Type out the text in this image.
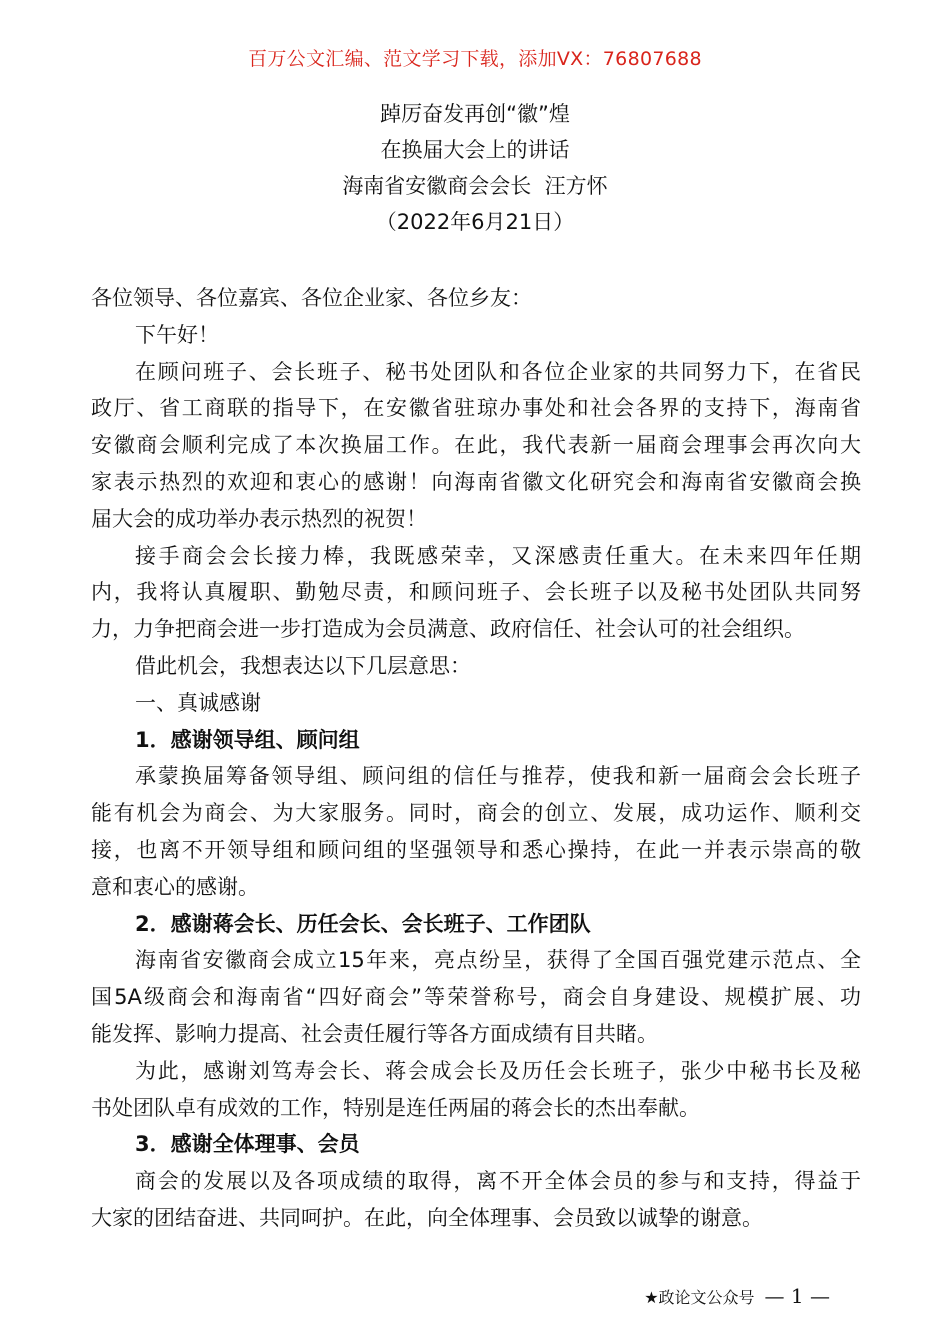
百万公文汇编、范文学习下载，添加VX：76807688
踔厉奋发再创“徽”煌
在换届大会上的讲话
海南省安徽商会会长  汪方怀
（2022年6月21日）
各位领导、各位嘉宾、各位企业家、各位乡友：
下午好！
在顾问班子、会长班子、秘书处团队和各位企业家的共同努力下，在省民
政厅、省工商联的指导下，在安徽省驻琼办事处和社会各界的支持下，海南省
安徽商会顺利完成了本次换届工作。在此，我代表新一届商会理事会再次向大
家表示热烈的欢迎和衷心的感谢！向海南省徽文化研究会和海南省安徽商会换
届大会的成功举办表示热烈的祝贺！
接手商会会长接力棒，我既感荣幸，又深感责任重大。在未来四年任期
内，我将认真履职、勤勉尽责，和顾问班子、会长班子以及秘书处团队共同努
力，力争把商会进一步打造成为会员满意、政府信任、社会认可的社会组织。
借此机会，我想表达以下几层意思：
一、真诚感谢
1．感谢领导组、顾问组
承蒙换届筹备领导组、顾问组的信任与推荐，使我和新一届商会会长班子
能有机会为商会、为大家服务。同时，商会的创立、发展，成功运作、顺利交
接，也离不开领导组和顾问组的坚强领导和悉心操持，在此一并表示崇高的敬
意和衷心的感谢。
2．感谢蒋会长、历任会长、会长班子、工作团队
海南省安徽商会成立15年来，亮点纷呈，获得了全国百强党建示范点、全
国5A级商会和海南省“四好商会”等荣誉称号，商会自身建设、规模扩展、功
能发挥、影响力提高、社会责任履行等各方面成绩有目共睹。
为此，感谢刘笃寿会长、蒋会成会长及历任会长班子，张少中秘书长及秘
书处团队卓有成效的工作，特别是连任两届的蒋会长的杰出奉献。
3．感谢全体理事、会员
商会的发展以及各项成绩的取得，离不开全体会员的参与和支持，得益于
大家的团结奋进、共同呵护。在此，向全体理事、会员致以诚挚的谢意。
★政论文公众号 — 1 —
